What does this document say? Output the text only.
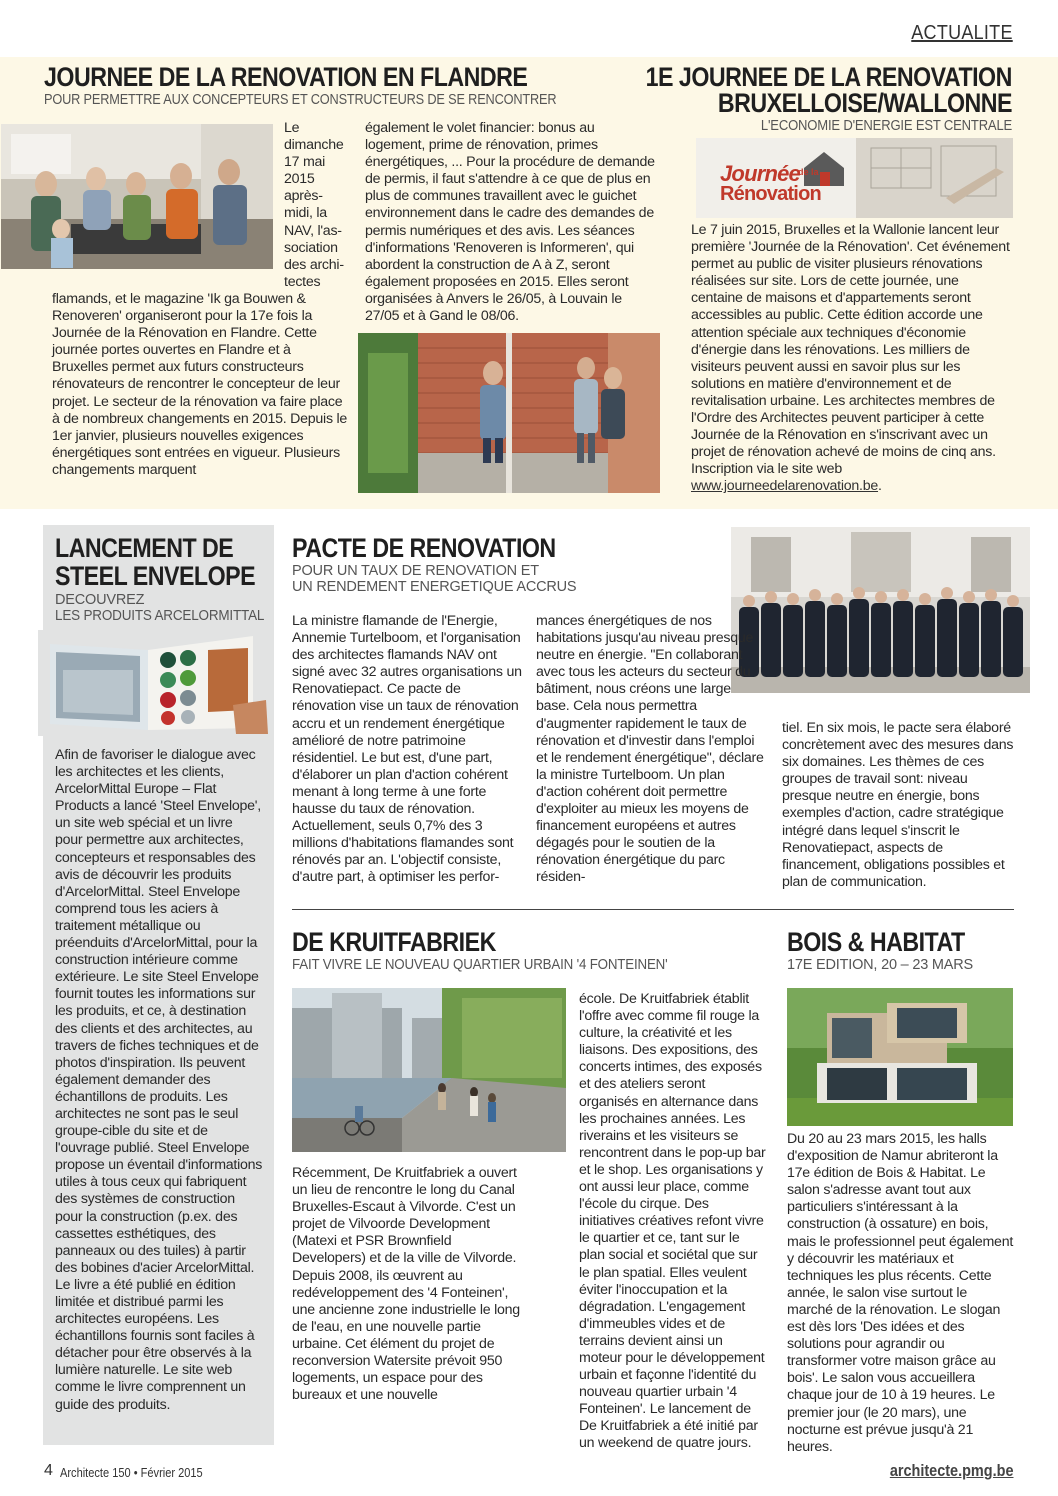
ACTUALITE
JOURNEE DE LA RENOVATION EN FLANDRE
POUR PERMETTRE AUX CONCEPTEURS ET CONSTRUCTEURS DE SE RENCONTRER

Le

dimanche

17 mai

2015

après-

midi, la

NAV, l'as-

sociation

des archi-

tectes

flamands, et le magazine 'Ik ga Bouwen & Renoveren' organiseront pour la 17e fois la Journée de la Rénovation en Flandre. Cette journée portes ouvertes en Flandre et à Bruxelles permet aux futurs constructeurs rénovateurs de rencontrer le concepteur de leur projet. Le secteur de la rénovation va faire place à de nombreux changements en 2015. Depuis le 1er janvier, plusieurs nouvelles exigences énergétiques sont entrées en vigueur. Plusieurs changements marquent
également le volet financier: bonus au logement, prime de rénovation, primes énergétiques, ... Pour la procédure de demande de permis, il faut s'attendre à ce que de plus en plus de communes travaillent avec le guichet environnement dans le cadre des demandes de permis numériques et des avis. Les séances d'informations 'Renoveren is Informeren', qui abordent la construction de A à Z, seront également proposées en 2015. Elles seront organisées à Anvers le 26/05, à Louvain le 27/05 et à Gand le 08/06.
1E JOURNEE DE LA RENOVATION
BRUXELLOISE/WALLONNE
L'ECONOMIE D'ENERGIE EST CENTRALE
Journée
de la
Rénovation
Le 7 juin 2015, Bruxelles et la Wallonie lancent leur première 'Journée de la Rénovation'. Cet événement permet au public de visiter plusieurs rénovations réalisées sur site. Lors de cette journée, une centaine de maisons et d'appartements seront accessibles au public. Cette édition accorde une attention spéciale aux techniques d'économie d'énergie dans les rénovations. Les milliers de visiteurs peuvent aussi en savoir plus sur les solutions en matière d'environnement et de revitalisation urbaine. Les architectes membres de l'Ordre des Architectes peuvent participer à cette Journée de la Rénovation en s'inscrivant avec un projet de rénovation achevé de moins de cinq ans. Inscription via le site web www.journeedelarenovation.be.
LANCEMENT DE
STEEL ENVELOPE
DECOUVREZ
LES PRODUITS ARCELORMITTAL
Afin de favoriser le dialogue avec les architectes et les clients, ArcelorMittal Europe – Flat Products a lancé 'Steel Envelope', un site web spécial et un livre pour permettre aux architectes, concepteurs et responsables des avis de découvrir les produits d'ArcelorMittal. Steel Envelope comprend tous les aciers à traitement métallique ou préenduits d'ArcelorMittal, pour la construction intérieure comme extérieure. Le site Steel Envelope fournit toutes les informations sur les produits, et ce, à destination des clients et des architectes, au travers de fiches techniques et de photos d'inspiration. Ils peuvent également demander des échantillons de produits. Les architectes ne sont pas le seul groupe-cible du site et de l'ouvrage publié. Steel Envelope propose un éventail d'informations utiles à tous ceux qui fabriquent des systèmes de construction pour la construction (p.ex. des cassettes esthétiques, des panneaux ou des tuiles) à partir des bobines d'acier ArcelorMittal. Le livre a été publié en édition limitée et distribué parmi les architectes européens. Les échantillons fournis sont faciles à détacher pour être observés à la lumière naturelle. Le site web comme le livre comprennent un guide des produits.
PACTE DE RENOVATION
POUR UN TAUX DE RENOVATION ET
UN RENDEMENT ENERGETIQUE ACCRUS
La ministre flamande de l'Energie, Annemie Turtelboom, et l'organisation des architectes flamands NAV ont signé avec 32 autres organisations un Renovatiepact. Ce pacte de rénovation vise un taux de rénovation accru et un rendement énergétique amélioré de notre patrimoine résidentiel. Le but est, d'une part, d'élaborer un plan d'action cohérent menant à long terme à une forte hausse du taux de rénovation. Actuellement, seuls 0,7% des 3 millions d'habitations flamandes sont rénovés par an. L'objectif consiste, d'autre part, à optimiser les perfor-
mances énergétiques de nos habitations jusqu'au niveau presque neutre en énergie. "En collaborant avec tous les acteurs du secteur du bâtiment, nous créons une large base. Cela nous permettra d'augmenter rapidement le taux de rénovation et d'investir dans l'emploi et le rendement énergétique", déclare la ministre Turtelboom. Un plan d'action cohérent doit permettre d'exploiter au mieux les moyens de financement européens et autres dégagés pour le soutien de la rénovation énergétique du parc résiden-
tiel. En six mois, le pacte sera élaboré concrètement avec des mesures dans six domaines. Les thèmes de ces groupes de travail sont: niveau presque neutre en énergie, bons exemples d'action, cadre stratégique intégré dans lequel s'inscrit le Renovatiepact, aspects de financement, obligations possibles et plan de communication.
DE KRUITFABRIEK
FAIT VIVRE LE NOUVEAU QUARTIER URBAIN '4 FONTEINEN'
école. De Kruitfabriek établit l'offre avec comme fil rouge la culture, la créativité et les liaisons. Des expositions, des concerts intimes, des exposés et des ateliers seront organisés en alternance dans les prochaines années. Les riverains et les visiteurs se rencontrent dans le pop-up bar et le shop. Les organisations y ont aussi leur place, comme l'école du cirque. Des initiatives créatives refont vivre le quartier et ce, tant sur le plan social et sociétal que sur le plan spatial. Elles veulent éviter l'inoccupation et la dégradation. L'engagement d'immeubles vides et de terrains devient ainsi un moteur pour le développement urbain et façonne l'identité du nouveau quartier urbain '4 Fonteinen'. Le lancement de De Kruitfabriek a été initié par un weekend de quatre jours.
Récemment, De Kruitfabriek a ouvert un lieu de rencontre le long du Canal Bruxelles-Escaut à Vilvorde. C'est un projet de Vilvoorde Development (Matexi et PSR Brownfield Developers) et de la ville de Vilvorde. Depuis 2008, ils œuvrent au redéveloppement des '4 Fonteinen', une ancienne zone industrielle le long de l'eau, en une nouvelle partie urbaine. Cet élément du projet de reconversion Watersite prévoit 950 logements, un espace pour des bureaux et une nouvelle
BOIS & HABITAT
17E EDITION, 20 – 23 MARS
Du 20 au 23 mars 2015, les halls d'exposition de Namur abriteront la 17e édition de Bois & Habitat. Le salon s'adresse avant tout aux particuliers s'intéressant à la construction (à ossature) en bois, mais le professionnel peut également y découvrir les matériaux et techniques les plus récents. Cette année, le salon vise surtout le marché de la rénovation. Le slogan est dès lors 'Des idées et des solutions pour agrandir ou transformer votre maison grâce au bois'. Le salon vous accueillera chaque jour de 10 à 19 heures. Le premier jour (le 20 mars), une nocturne est prévue jusqu'à 21 heures.
4 Architecte 150 • Février 2015	architecte.pmg.be
